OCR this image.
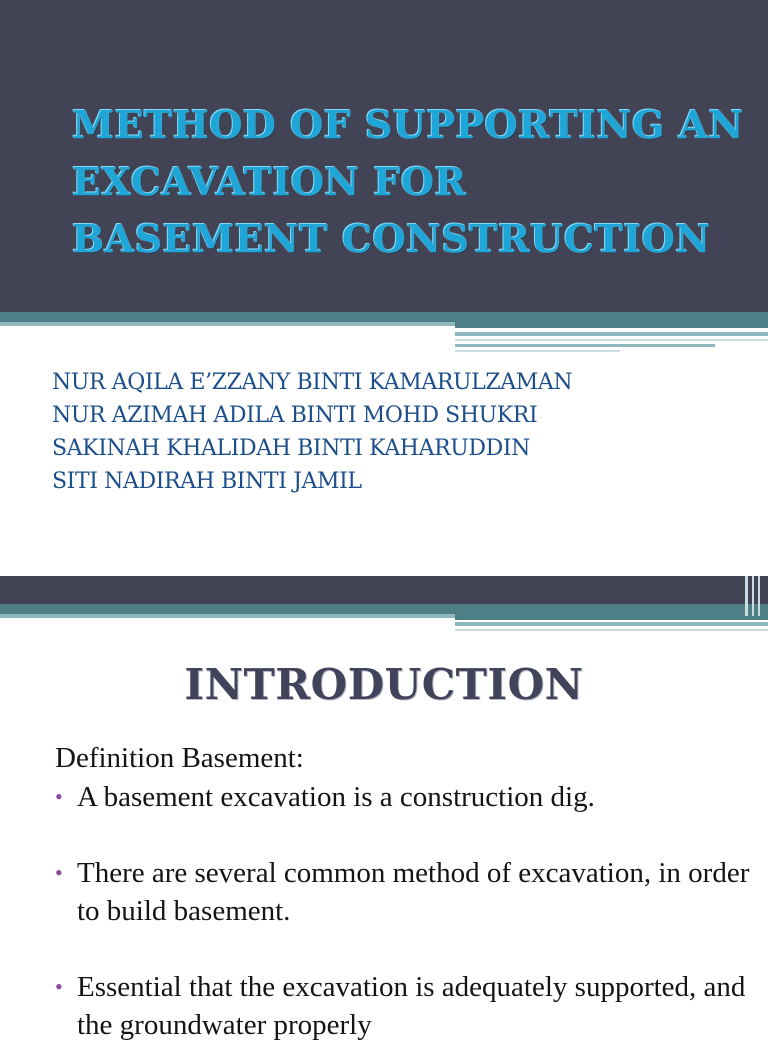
METHOD OF SUPPORTING AN
EXCAVATION FOR
BASEMENT CONSTRUCTION
NUR AQILA E’ZZANY BINTI KAMARULZAMAN
NUR AZIMAH ADILA BINTI MOHD SHUKRI
SAKINAH KHALIDAH BINTI KAHARUDDIN
SITI NADIRAH BINTI JAMIL
INTRODUCTION
Definition Basement:
• A basement excavation is a construction dig.
• There are several common method of excavation, in order to build basement.
• Essential that the excavation is adequately supported, and the groundwater properly
